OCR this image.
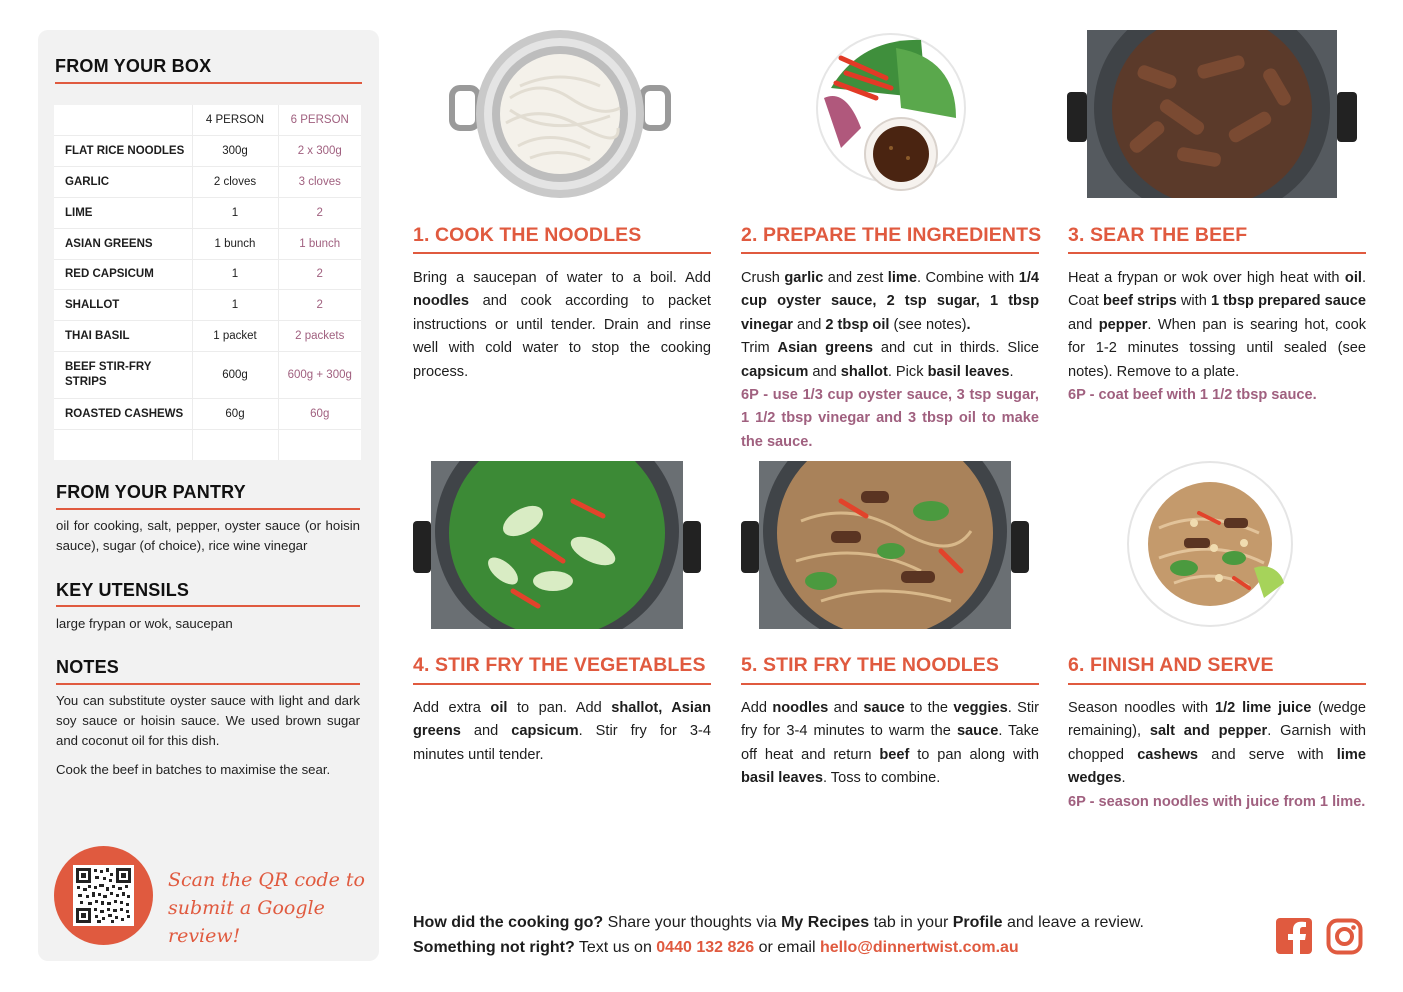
FROM YOUR BOX
	4 PERSON	6 PERSON
FLAT RICE NOODLES	300g	2 x 300g
GARLIC	2 cloves	3 cloves
LIME	1	2
ASIAN GREENS	1 bunch	1 bunch
RED CAPSICUM	1	2
SHALLOT	1	2
THAI BASIL	1 packet	2 packets
BEEF STIR-FRY STRIPS	600g	600g + 300g
ROASTED CASHEWS	60g	60g

FROM YOUR PANTRY
oil for cooking, salt, pepper, oyster sauce (or hoisin sauce), sugar (of choice), rice wine vinegar
KEY UTENSILS
large frypan or wok, saucepan
NOTES
You can substitute oyster sauce with light and dark soy sauce or hoisin sauce. We used brown sugar and coconut oil for this dish.
Cook the beef in batches to maximise the sear.
Scan the QR code to
submit a Google review!
1. COOK THE NOODLES
Bring a saucepan of water to a boil. Add noodles and cook according to packet instructions or until tender. Drain and rinse well with cold water to stop the cooking process.
2. PREPARE THE INGREDIENTS
Crush garlic and zest lime. Combine with 1/4 cup oyster sauce, 2 tsp sugar, 1 tbsp vinegar and 2 tbsp oil (see notes).
Trim Asian greens and cut in thirds. Slice capsicum and shallot. Pick basil leaves.
6P - use 1/3 cup oyster sauce, 3 tsp sugar, 1 1/2 tbsp vinegar and 3 tbsp oil to make the sauce.
3. SEAR THE BEEF
Heat a frypan or wok over high heat with oil. Coat beef strips with 1 tbsp prepared sauce and pepper. When pan is searing hot, cook for 1-2 minutes tossing until sealed (see notes). Remove to a plate.
6P - coat beef with 1 1/2 tbsp sauce.
4. STIR FRY THE VEGETABLES
Add extra oil to pan. Add shallot, Asian greens and capsicum. Stir fry for 3-4 minutes until tender.
5. STIR FRY THE NOODLES
Add noodles and sauce to the veggies. Stir fry for 3-4 minutes to warm the sauce. Take off heat and return beef to pan along with basil leaves. Toss to combine.
6. FINISH AND SERVE
Season noodles with 1/2 lime juice (wedge remaining), salt and pepper. Garnish with chopped cashews and serve with lime wedges.
6P - season noodles with juice from 1 lime.
How did the cooking go? Share your thoughts via My Recipes tab in your Profile and leave a review.
Something not right? Text us on 0440 132 826 or email hello@dinnertwist.com.au
